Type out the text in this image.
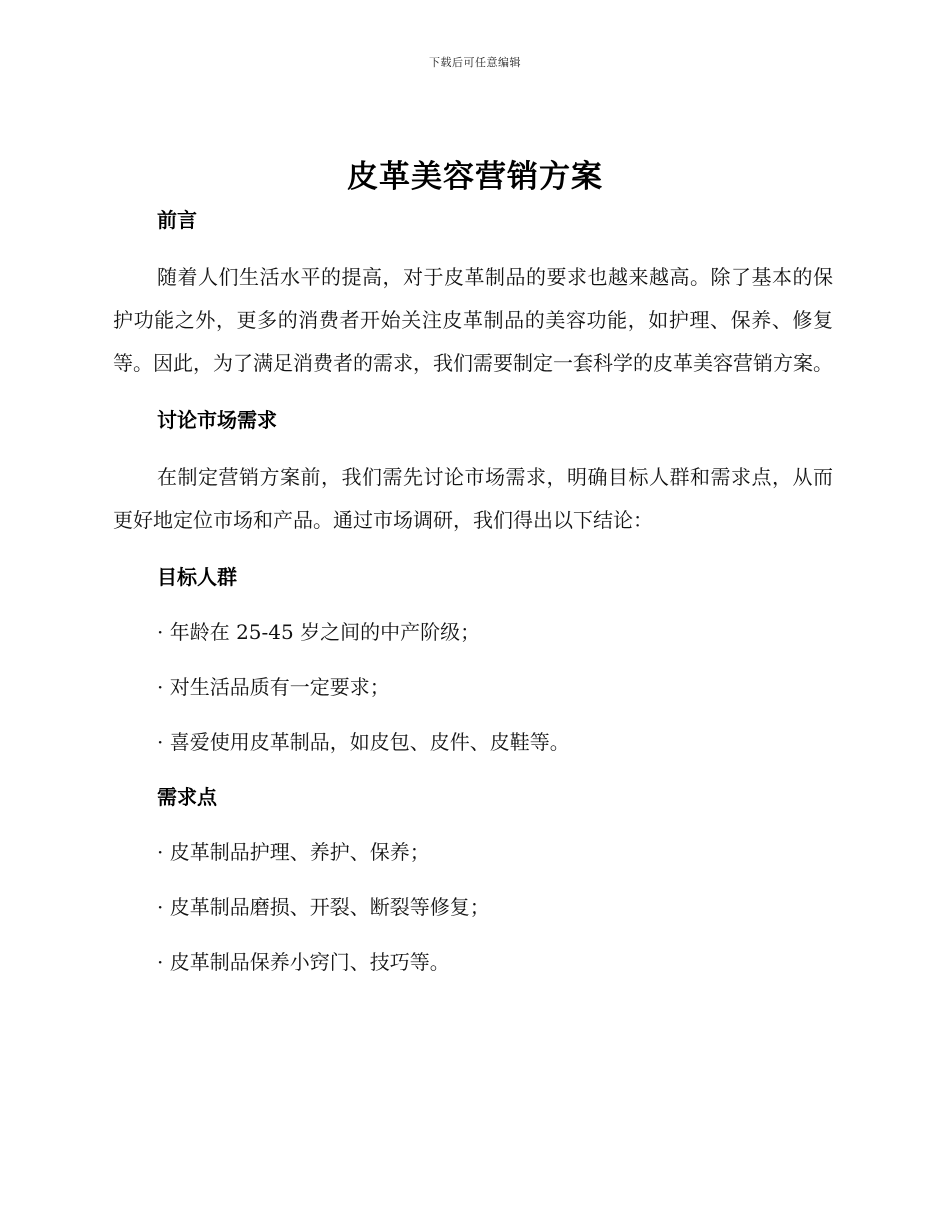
下载后可任意编辑
皮革美容营销方案

前言

随着人们生活水平的提高，对于皮革制品的要求也越来越高。除了基本的保护功能之外，更多的消费者开始关注皮革制品的美容功能，如护理、保养、修复等。因此，为了满足消费者的需求，我们需要制定一套科学的皮革美容营销方案。

讨论市场需求

在制定营销方案前，我们需先讨论市场需求，明确目标人群和需求点，从而更好地定位市场和产品。通过市场调研，我们得出以下结论：

目标人群

· 年龄在 25-45 岁之间的中产阶级；

· 对生活品质有一定要求；

· 喜爱使用皮革制品，如皮包、皮件、皮鞋等。

需求点

· 皮革制品护理、养护、保养；

· 皮革制品磨损、开裂、断裂等修复；

· 皮革制品保养小窍门、技巧等。
